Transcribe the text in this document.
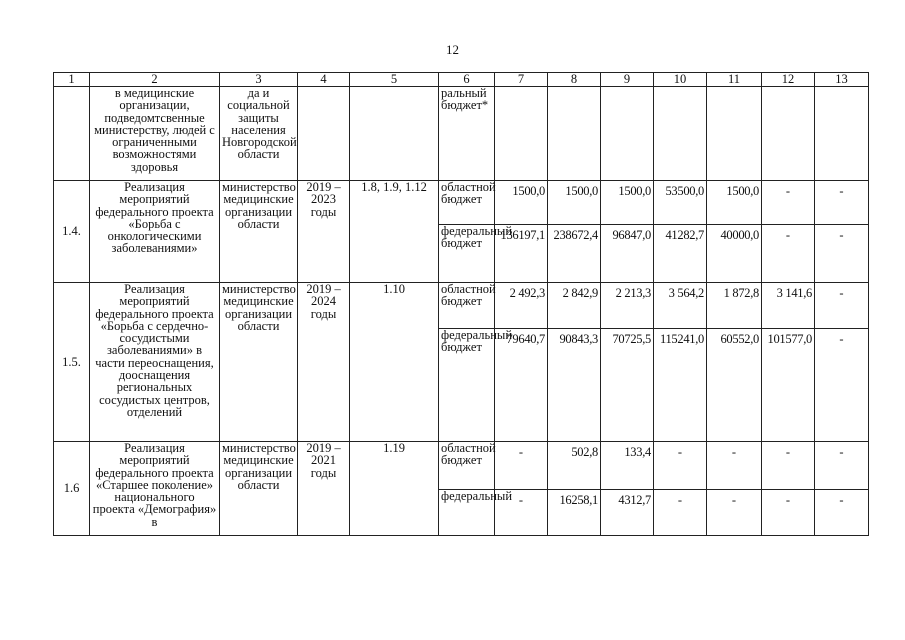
12
1	2	3	4	5	6	7	8	9	10	11	12	13
	в медицинские организации, подведомтсвенные министерству, людей с ограниченными возможностями здоровья	да и социальной защиты населения Новгородской области			ральный бюджет*							
1.4.	Реализация мероприятий федерального проекта «Борьба с онкологическими заболеваниями»	министерство медицинские организации области	2019 – 2023 годы	1.8, 1.9, 1.12	областной бюджет	1500,0	1500,0	1500,0	53500,0	1500,0	-	-
					федеральный бюджет	136197,1	238672,4	96847,0	41282,7	40000,0	-	-
1.5.	Реализация мероприятий федерального проекта «Борьба с сердечно-сосудистыми заболеваниями» в части переоснащения, дооснащения региональных сосудистых центров, отделений	министерство медицинские организации области	2019 – 2024 годы	1.10	областной бюджет	2 492,3	2 842,9	2 213,3	3 564,2	1 872,8	3 141,6	-
					федеральный бюджет	79640,7	90843,3	70725,5	115241,0	60552,0	101577,0	-
1.6	Реализация мероприятий федерального проекта «Старшее поколение» национального проекта «Демография» в	министерство медицинские организации области	2019 – 2021 годы	1.19	областной бюджет	-	502,8	133,4	-	-	-	-
					федеральный	-	16258,1	4312,7	-	-	-	-
